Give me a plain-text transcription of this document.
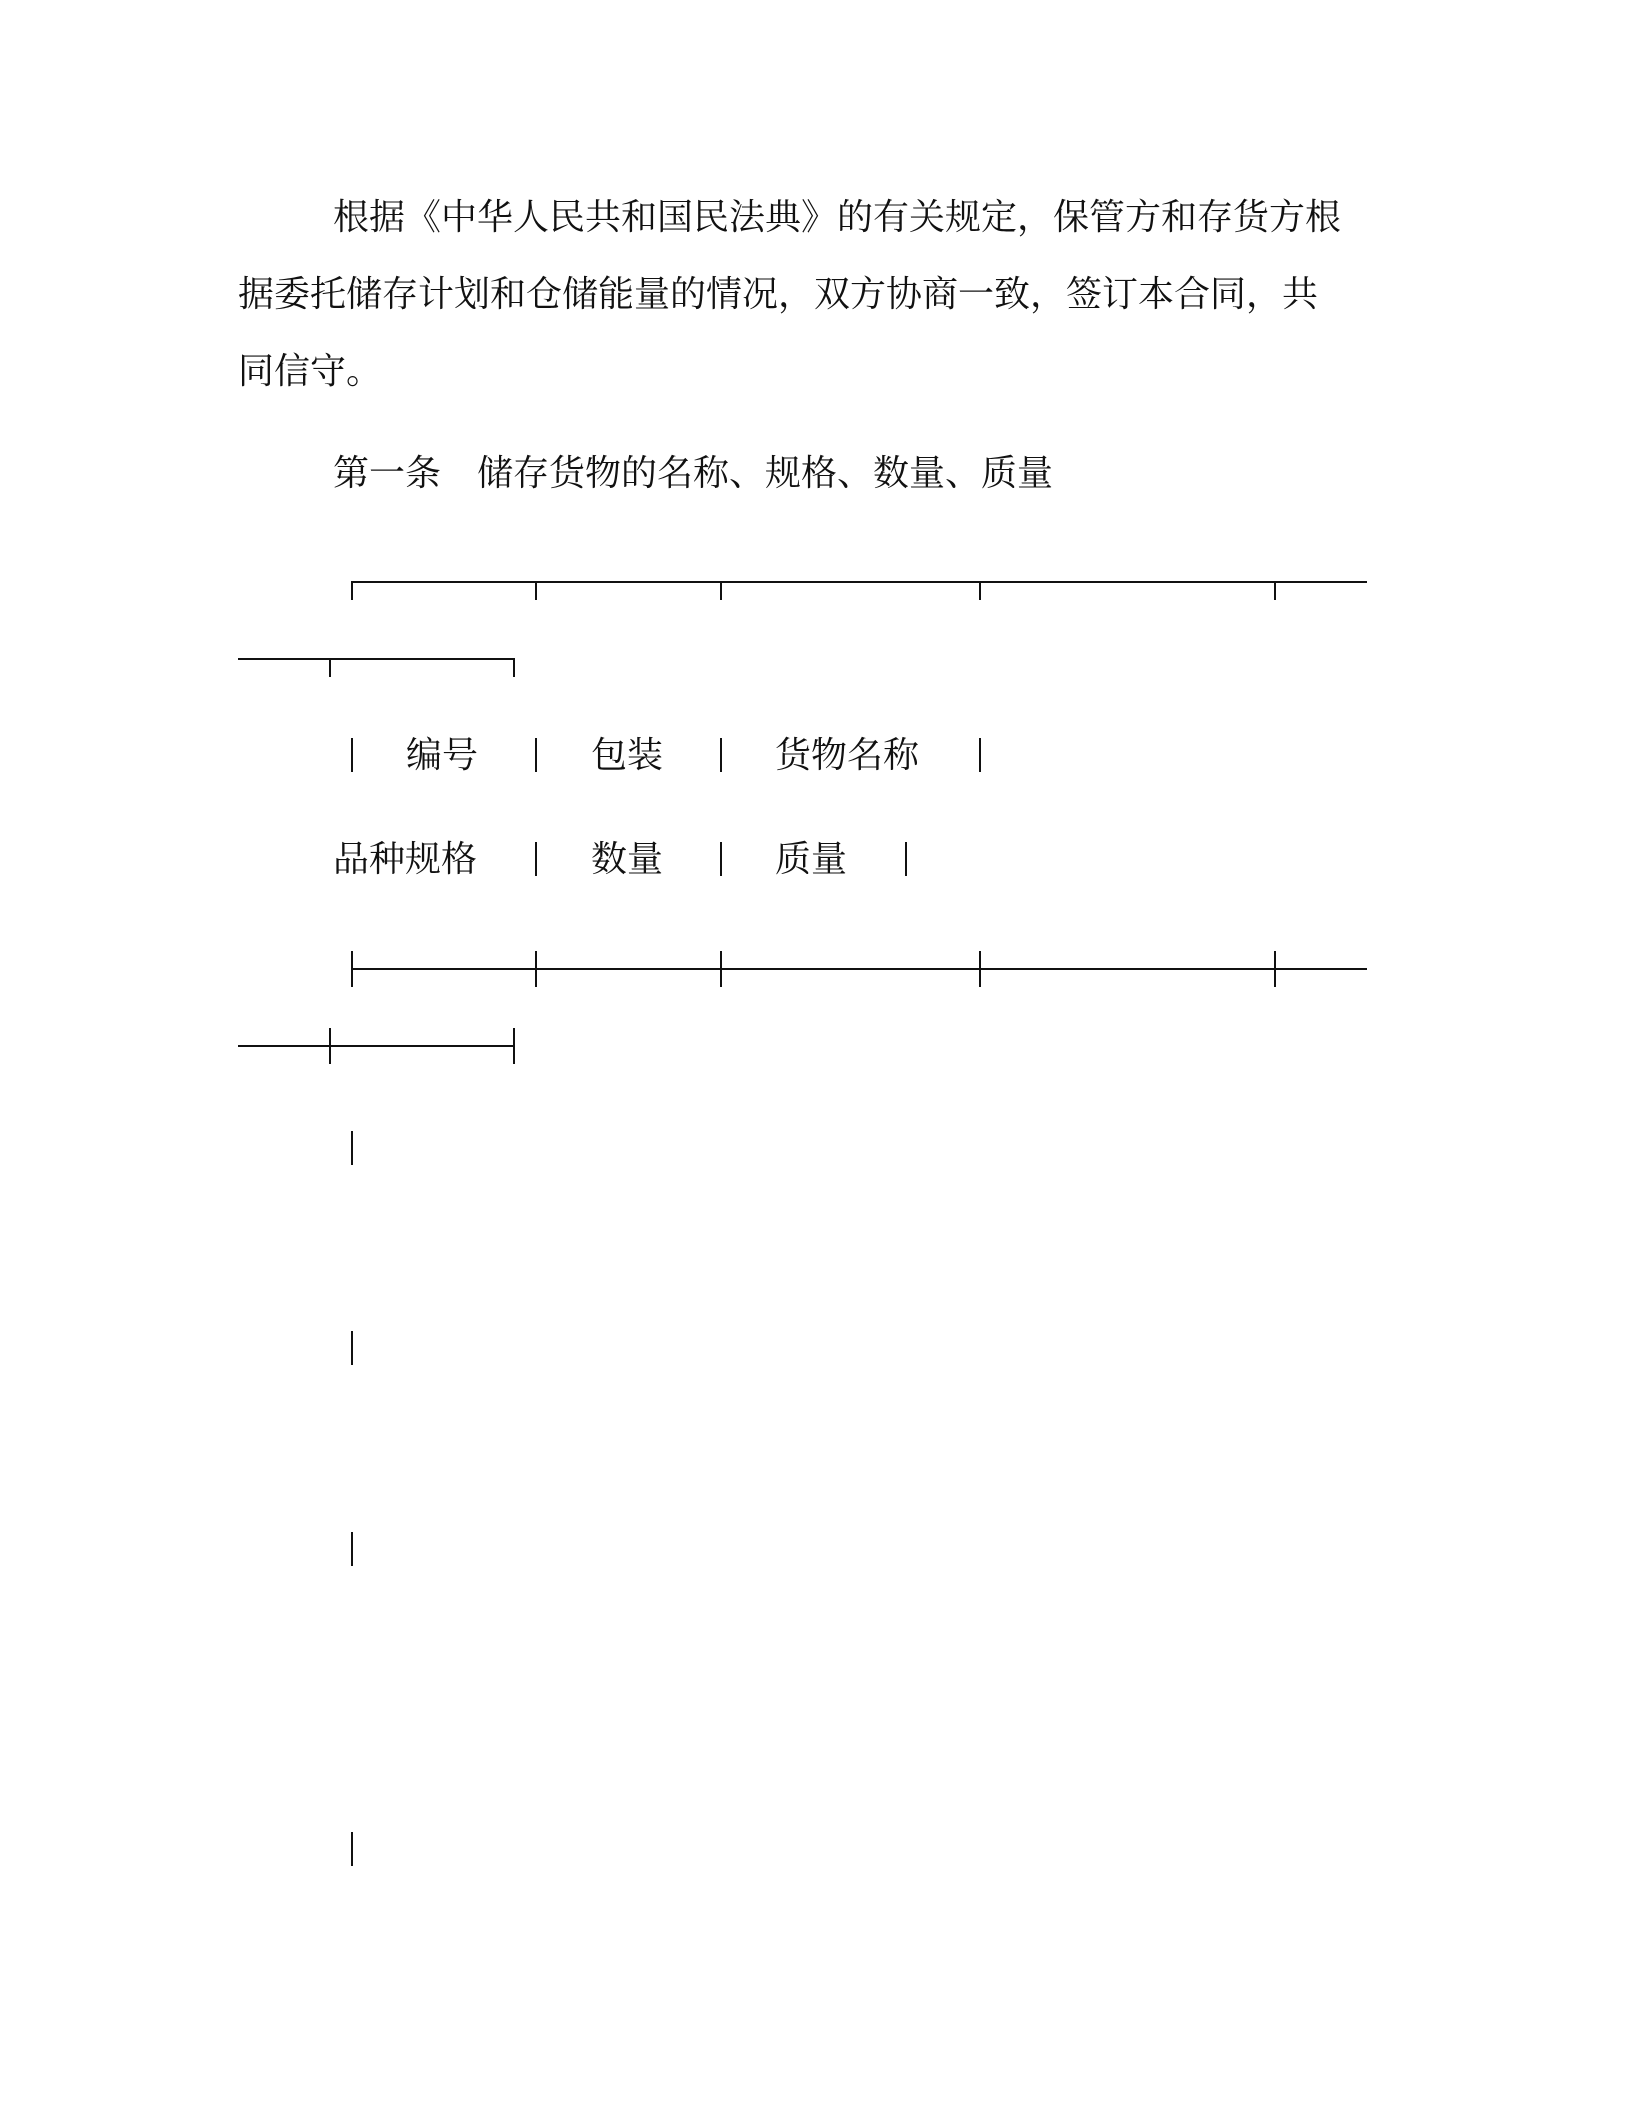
根据《中华人民共和国民法典》的有关规定，保管方和存货方根
据委托储存计划和仓储能量的情况，双方协商一致，签订本合同，共
同信守。
第一条　储存货物的名称、规格、数量、质量
编号	包装	货物名称
品种规格	数量	质量
